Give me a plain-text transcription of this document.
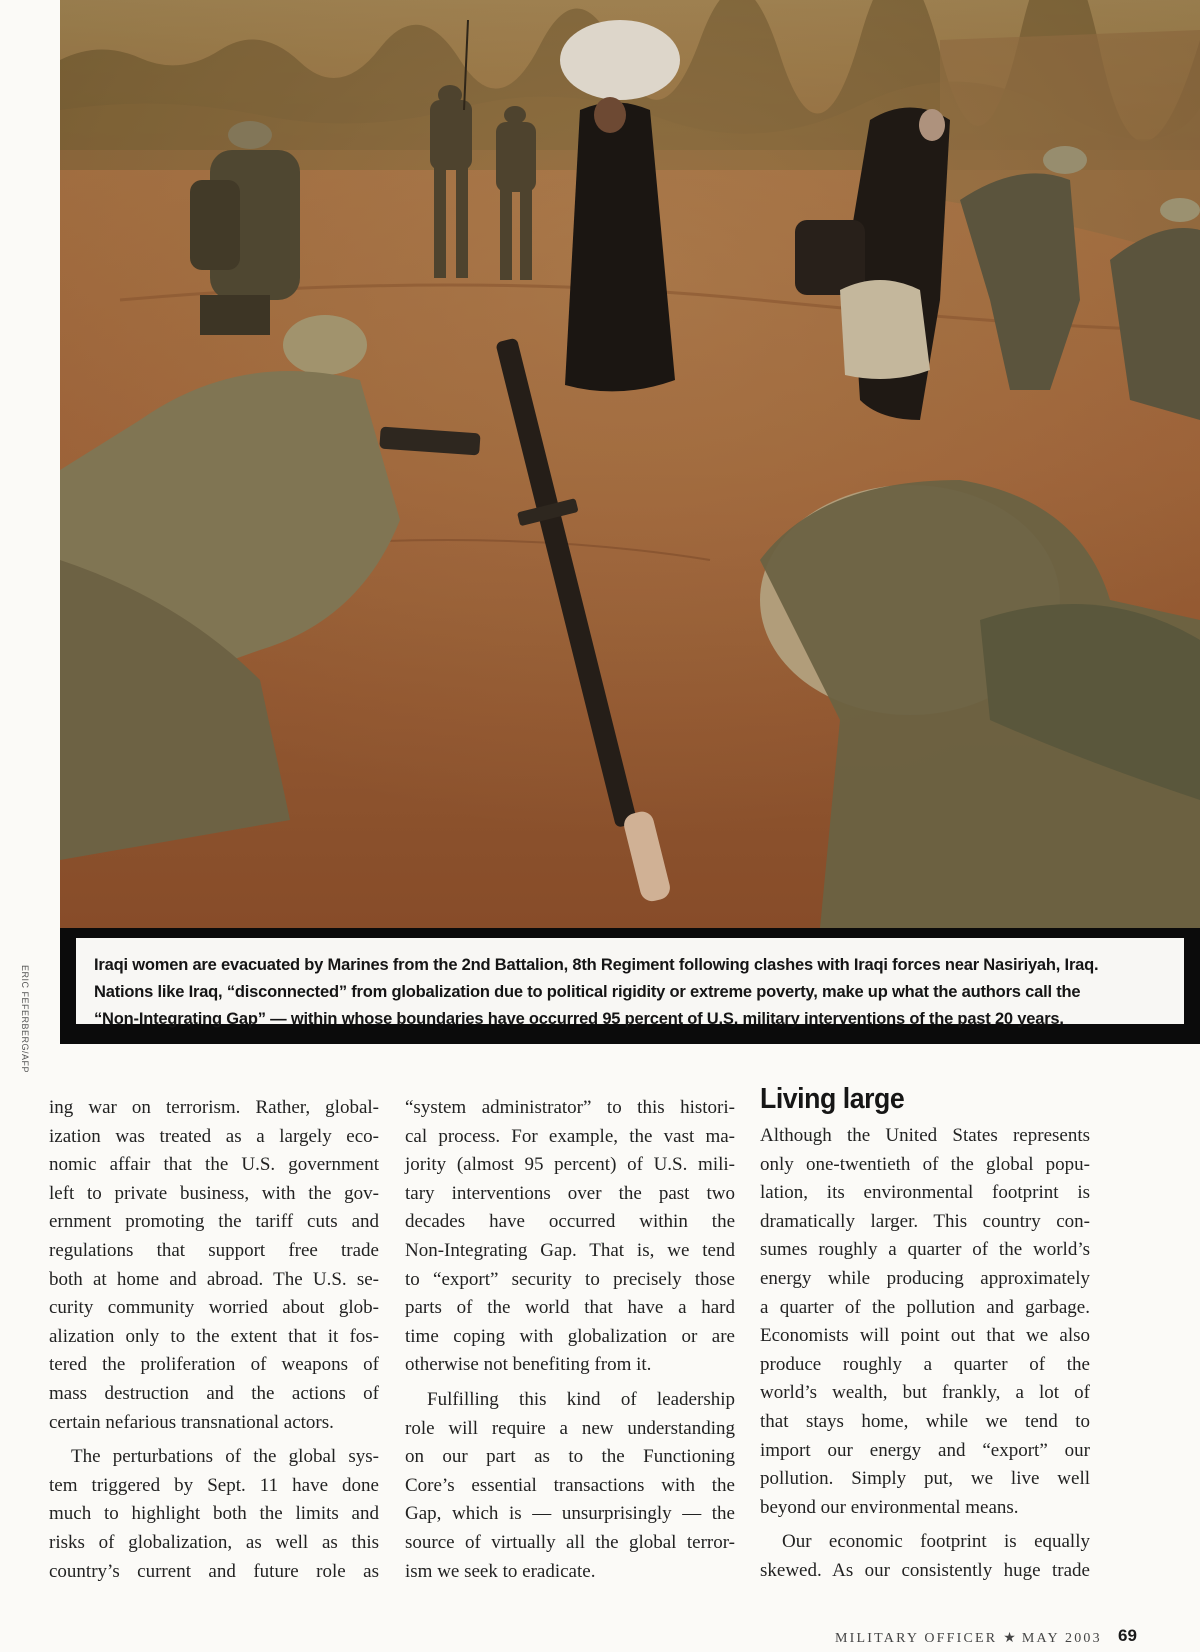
ERIC FEFERBERG/AFP	Iraqi women are evacuated by Marines from the 2nd Battalion, 8th Regiment following clashes with Iraqi forces near Nasiriyah, Iraq.
Nations like Iraq, “disconnected” from globalization due to political rigidity or extreme poverty, make up what the authors call the
“Non-Integrating Gap” — within whose boundaries have occurred 95 percent of U.S. military interventions of the past 20 years.
ing war on terrorism. Rather, global-
ization was treated as a largely eco-
nomic affair that the U.S. government
left to private business, with the gov-
ernment promoting the tariff cuts and
regulations that support free trade
both at home and abroad. The U.S. se-
curity community worried about glob-
alization only to the extent that it fos-
tered the proliferation of weapons of
mass destruction and the actions of
certain nefarious transnational actors.
The perturbations of the global sys-
tem triggered by Sept. 11 have done
much to highlight both the limits and
risks of globalization, as well as this
country’s current and future role as
“system administrator” to this histori-
cal process. For example, the vast ma-
jority (almost 95 percent) of U.S. mili-
tary interventions over the past two
decades have occurred within the
Non-Integrating Gap. That is, we tend
to “export” security to precisely those
parts of the world that have a hard
time coping with globalization or are
otherwise not benefiting from it.
Fulfilling this kind of leadership
role will require a new understanding
on our part as to the Functioning
Core’s essential transactions with the
Gap, which is — unsurprisingly — the
source of virtually all the global terror-
ism we seek to eradicate.
Living large
Although the United States represents
only one-twentieth of the global popu-
lation, its environmental footprint is
dramatically larger. This country con-
sumes roughly a quarter of the world’s
energy while producing approximately
a quarter of the pollution and garbage.
Economists will point out that we also
produce roughly a quarter of the
world’s wealth, but frankly, a lot of
that stays home, while we tend to
import our energy and “export” our
pollution. Simply put, we live well
beyond our environmental means.
Our economic footprint is equally
skewed. As our consistently huge trade
MILITARY OFFICER ★ MAY 2003 69
